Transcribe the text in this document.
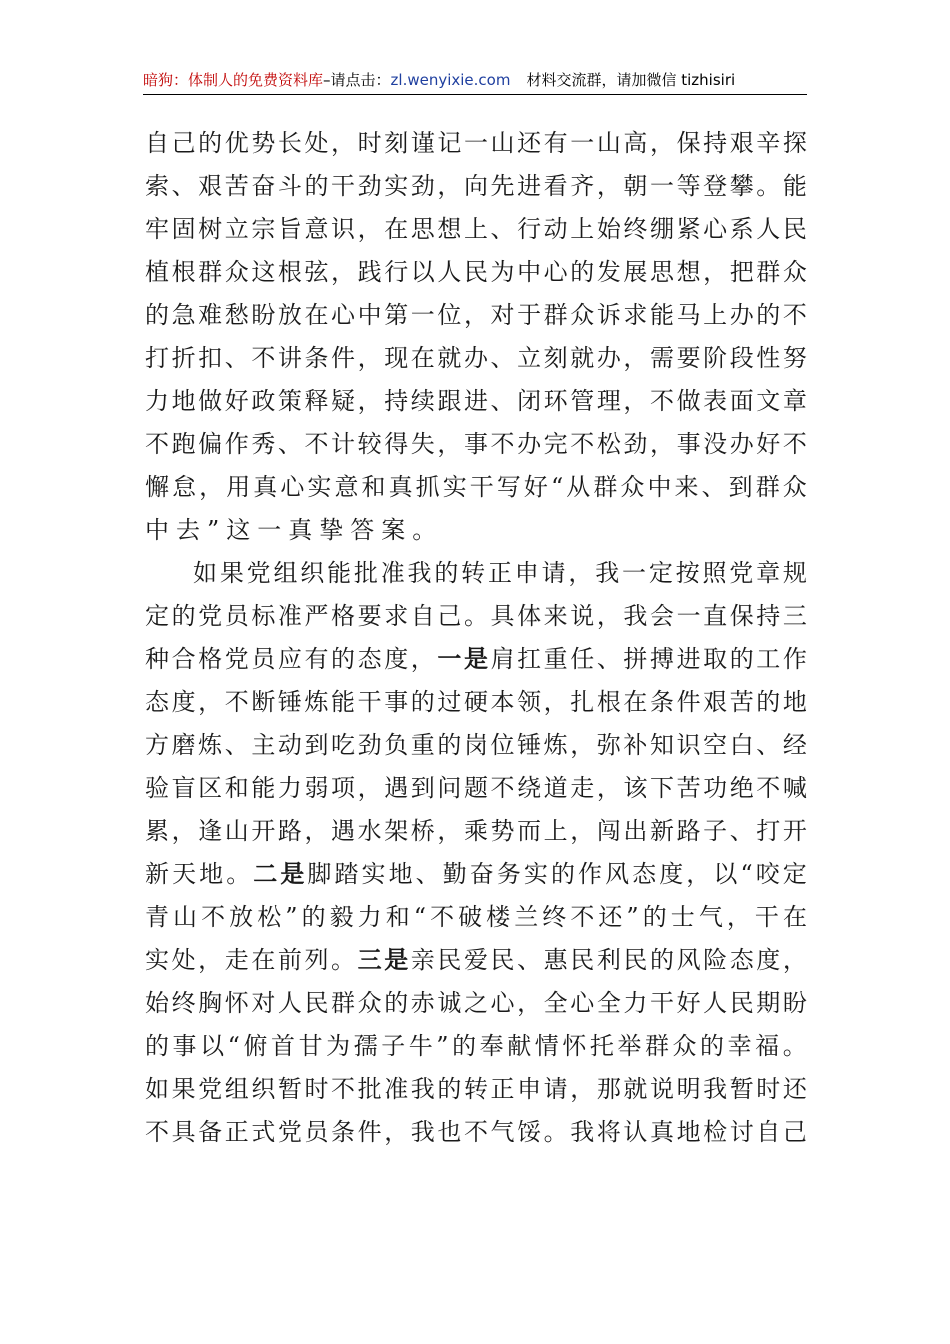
暗狗：体制人的免费资料库–请点击：zl.wenyixie.com 材料交流群，请加微信 tizhisiri
自 己 的 优 势 长 处 ， 时 刻 谨 记 一 山 还 有 一 山 高 ， 保 持 艰 辛 探
索 、 艰 苦 奋 斗 的 干 劲 实 劲 ， 向 先 进 看 齐 ， 朝 一 等 登 攀 。 能
牢 固 树 立 宗 旨 意 识 ， 在 思 想 上 、 行 动 上 始 终 绷 紧 心 系 人 民
植 根 群 众 这 根 弦 ， 践 行 以 人 民 为 中 心 的 发 展 思 想 ， 把 群 众
的 急 难 愁 盼 放 在 心 中 第 一 位 ， 对 于 群 众 诉 求 能 马 上 办 的 不
打 折 扣 、 不 讲 条 件 ， 现 在 就 办 、 立 刻 就 办 ， 需 要 阶 段 性 努
力 地 做 好 政 策 释 疑 ， 持 续 跟 进 、 闭 环 管 理 ， 不 做 表 面 文 章
不 跑 偏 作 秀 、 不 计 较 得 失 ， 事 不 办 完 不 松 劲 ， 事 没 办 好 不
懈 怠 ， 用 真 心 实 意 和 真 抓 实 干 写 好 “ 从 群 众 中 来 、 到 群 众
中 去 ” 这 一 真 挚 答 案 。
如 果 党 组 织 能 批 准 我 的 转 正 申 请 ， 我 一 定 按 照 党 章 规
定 的 党 员 标 准 严 格 要 求 自 己 。 具 体 来 说 ， 我 会 一 直 保 持 三
种 合 格 党 员 应 有 的 态 度 ， 一 是 肩 扛 重 任 、 拼 搏 进 取 的 工 作
态 度 ， 不 断 锤 炼 能 干 事 的 过 硬 本 领 ， 扎 根 在 条 件 艰 苦 的 地
方 磨 炼 、 主 动 到 吃 劲 负 重 的 岗 位 锤 炼 ， 弥 补 知 识 空 白 、 经
验 盲 区 和 能 力 弱 项 ， 遇 到 问 题 不 绕 道 走 ， 该 下 苦 功 绝 不 喊
累 ， 逢 山 开 路 ， 遇 水 架 桥 ， 乘 势 而 上 ， 闯 出 新 路 子 、 打 开
新 天 地 。 二 是 脚 踏 实 地 、 勤 奋 务 实 的 作 风 态 度 ， 以 “ 咬 定
青 山 不 放 松 ” 的 毅 力 和 “ 不 破 楼 兰 终 不 还 ” 的 士 气 ， 干 在
实 处 ， 走 在 前 列 。 三 是 亲 民 爱 民 、 惠 民 利 民 的 风 险 态 度 ，
始 终 胸 怀 对 人 民 群 众 的 赤 诚 之 心 ， 全 心 全 力 干 好 人 民 期 盼
的 事 以 “ 俯 首 甘 为 孺 子 牛 ” 的 奉 献 情 怀 托 举 群 众 的 幸 福 。
如 果 党 组 织 暂 时 不 批 准 我 的 转 正 申 请 ， 那 就 说 明 我 暂 时 还
不 具 备 正 式 党 员 条 件 ， 我 也 不 气 馁 。 我 将 认 真 地 检 讨 自 己
